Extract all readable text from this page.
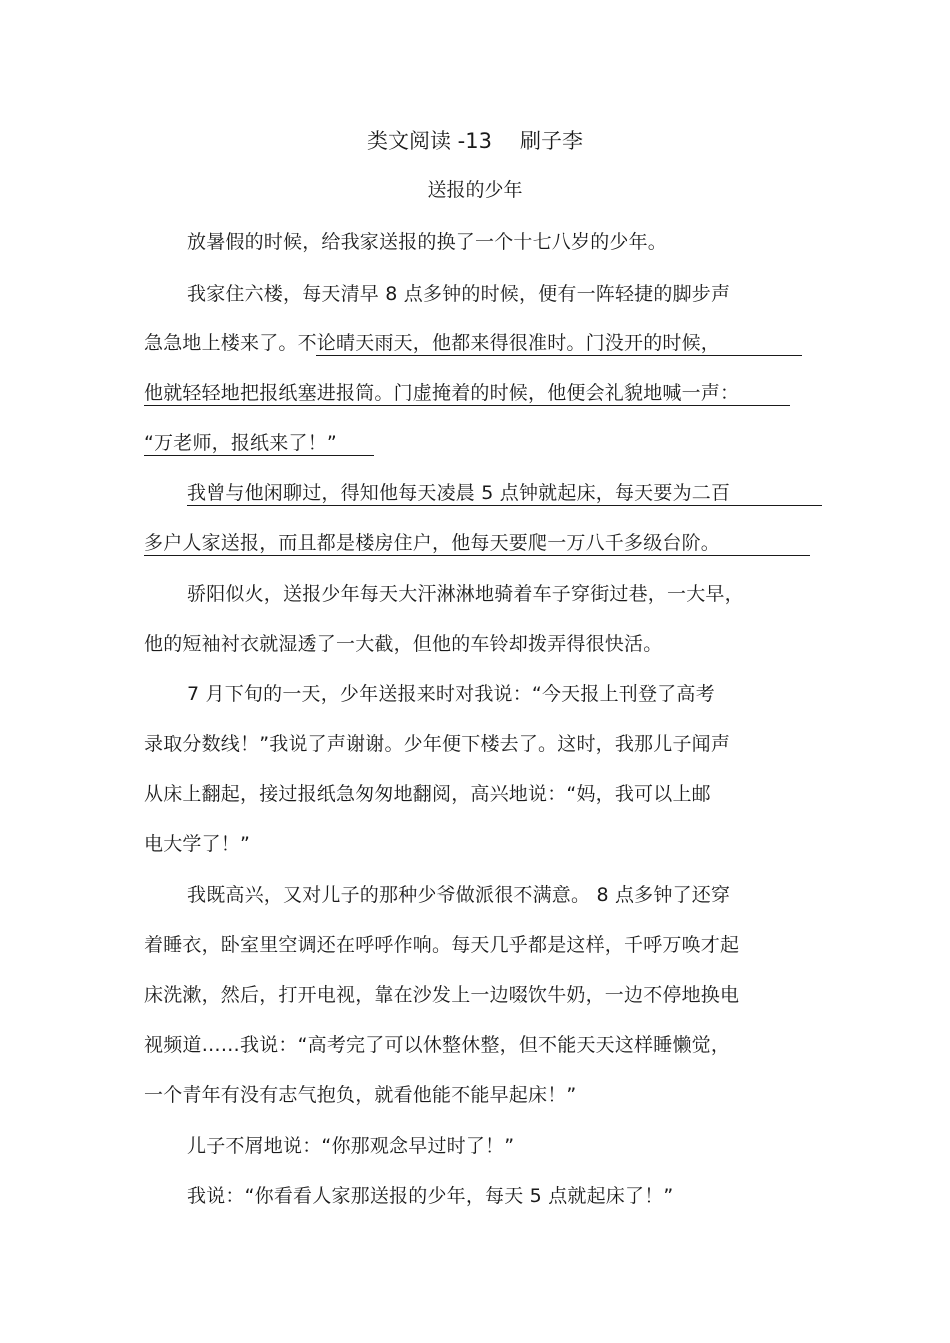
类文阅读 -13 刷子李
送报的少年
放暑假的时候，给我家送报的换了一个十七八岁的少年。
我家住六楼，每天清早 8 点多钟的时候，便有一阵轻捷的脚步声
急急地上楼来了。不论晴天雨天，他都来得很准时。门没开的时候，
他就轻轻地把报纸塞进报筒。门虚掩着的时候，他便会礼貌地喊一声：
“万老师，报纸来了！”
我曾与他闲聊过，得知他每天凌晨 5 点钟就起床，每天要为二百
多户人家送报，而且都是楼房住户，他每天要爬一万八千多级台阶。
骄阳似火，送报少年每天大汗淋淋地骑着车子穿街过巷，一大早，
他的短袖衬衣就湿透了一大截，但他的车铃却拨弄得很快活。
7 月下旬的一天，少年送报来时对我说：“今天报上刊登了高考
录取分数线！”我说了声谢谢。少年便下楼去了。这时，我那儿子闻声
从床上翻起，接过报纸急匆匆地翻阅，高兴地说：“妈，我可以上邮
电大学了！”
我既高兴，又对儿子的那种少爷做派很不满意。 8 点多钟了还穿
着睡衣，卧室里空调还在呼呼作响。每天几乎都是这样，千呼万唤才起
床洗漱，然后，打开电视，靠在沙发上一边啜饮牛奶，一边不停地换电
视频道……我说：“高考完了可以休整休整，但不能天天这样睡懒觉，
一个青年有没有志气抱负，就看他能不能早起床！”
儿子不屑地说：“你那观念早过时了！”
我说：“你看看人家那送报的少年，每天 5 点就起床了！”
